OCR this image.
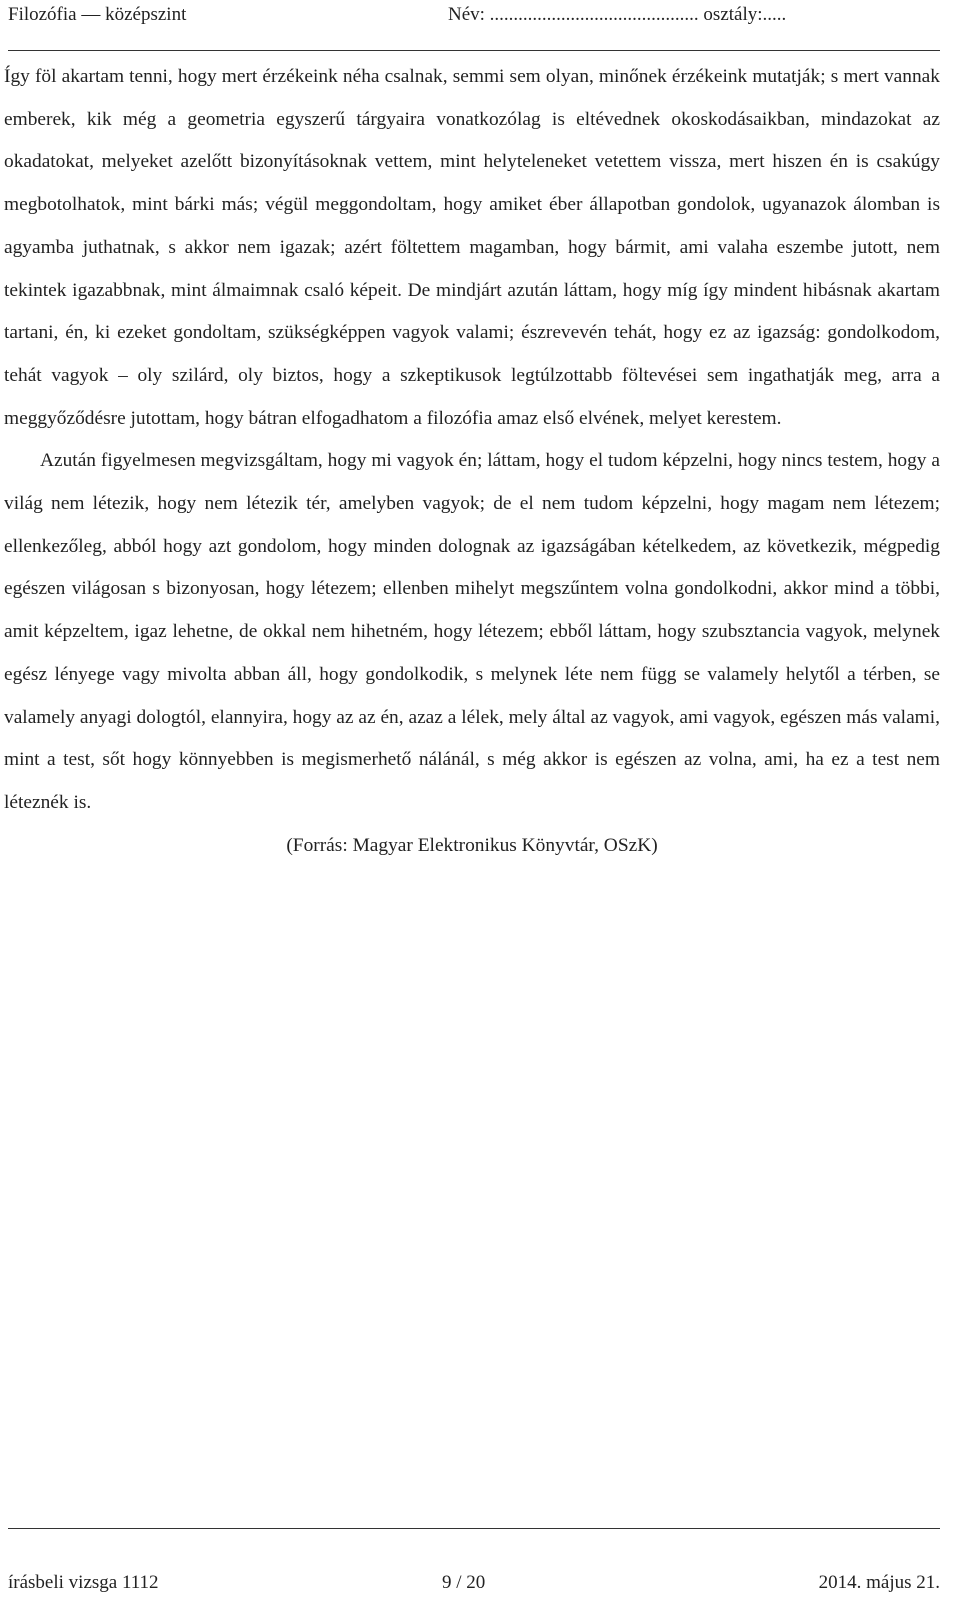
Filozófia — középszint	Név: ............................................ osztály:.....

Így föl akartam tenni, hogy mert érzékeink néha csalnak, semmi sem olyan, minőnek érzékeink mutatják; s mert vannak emberek, kik még a geometria egyszerű tárgyaira vonatkozólag is eltévednek okoskodásaikban, mindazokat az okadatokat, melyeket azelőtt bizonyításoknak vettem, mint helyteleneket vetettem vissza, mert hiszen én is csakúgy megbotolhatok, mint bárki más; végül meggondoltam, hogy amiket éber állapotban gondolok, ugyanazok álomban is agyamba juthatnak, s akkor nem igazak; azért föltettem magamban, hogy bármit, ami valaha eszembe jutott, nem tekintek igazabbnak, mint álmaimnak csaló képeit. De mindjárt azután láttam, hogy míg így mindent hibásnak akartam tartani, én, ki ezeket gondoltam, szükségképpen vagyok valami; észrevevén tehát, hogy ez az igazság: gondolkodom, tehát vagyok – oly szilárd, oly biztos, hogy a szkeptikusok legtúlzottabb föltevései sem ingathatják meg, arra a meggyőződésre jutottam, hogy bátran elfogadhatom a filozófia amaz első elvének, melyet kerestem.

Azután figyelmesen megvizsgáltam, hogy mi vagyok én; láttam, hogy el tudom képzelni, hogy nincs testem, hogy a világ nem létezik, hogy nem létezik tér, amelyben vagyok; de el nem tudom képzelni, hogy magam nem létezem; ellenkezőleg, abból hogy azt gondolom, hogy minden dolognak az igazságában kételkedem, az következik, mégpedig egészen világosan s bizonyosan, hogy létezem; ellenben mihelyt megszűntem volna gondolkodni, akkor mind a többi, amit képzeltem, igaz lehetne, de okkal nem hihetném, hogy létezem; ebből láttam, hogy szubsztancia vagyok, melynek egész lényege vagy mivolta abban áll, hogy gondolkodik, s melynek léte nem függ se valamely helytől a térben, se valamely anyagi dologtól, elannyira, hogy az az én, azaz a lélek, mely által az vagyok, ami vagyok, egészen más valami, mint a test, sőt hogy könnyebben is megismerhető nálánál, s még akkor is egészen az volna, ami, ha ez a test nem léteznék is.

(Forrás: Magyar Elektronikus Könyvtár, OSzK)

írásbeli vizsga 1112	9 / 20	2014. május 21.
